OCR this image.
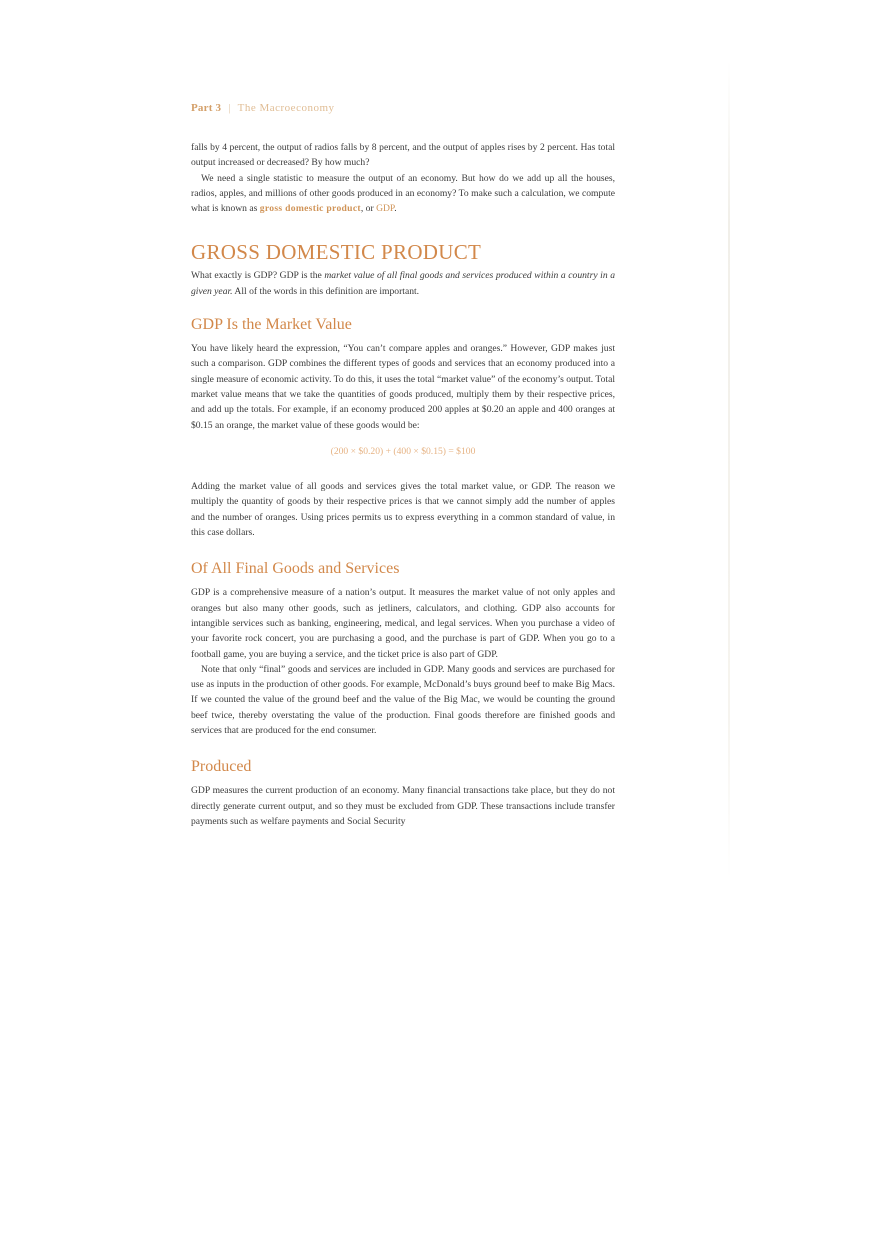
Part 3 | The Macroeconomy

falls by 4 percent, the output of radios falls by 8 percent, and the output of apples rises by 2 percent. Has total output increased or decreased? By how much?

We need a single statistic to measure the output of an economy. But how do we add up all the houses, radios, apples, and millions of other goods produced in an economy? To make such a calculation, we compute what is known as gross domestic product, or GDP.

GROSS DOMESTIC PRODUCT

What exactly is GDP? GDP is the market value of all final goods and services produced within a country in a given year. All of the words in this definition are important.

GDP Is the Market Value

You have likely heard the expression, “You can’t compare apples and oranges.” However, GDP makes just such a comparison. GDP combines the different types of goods and services that an economy produced into a single measure of economic activity. To do this, it uses the total “market value” of the economy’s output. Total market value means that we take the quantities of goods produced, multiply them by their respective prices, and add up the totals. For example, if an economy produced 200 apples at $0.20 an apple and 400 oranges at $0.15 an orange, the market value of these goods would be:

(200 × $0.20) + (400 × $0.15) = $100

Adding the market value of all goods and services gives the total market value, or GDP. The reason we multiply the quantity of goods by their respective prices is that we cannot simply add the number of apples and the number of oranges. Using prices permits us to express everything in a common standard of value, in this case dollars.

Of All Final Goods and Services

GDP is a comprehensive measure of a nation’s output. It measures the market value of not only apples and oranges but also many other goods, such as jetliners, calculators, and clothing. GDP also accounts for intangible services such as banking, engineering, medical, and legal services. When you purchase a video of your favorite rock concert, you are purchasing a good, and the purchase is part of GDP. When you go to a football game, you are buying a service, and the ticket price is also part of GDP.

Note that only “final” goods and services are included in GDP. Many goods and services are purchased for use as inputs in the production of other goods. For example, McDonald’s buys ground beef to make Big Macs. If we counted the value of the ground beef and the value of the Big Mac, we would be counting the ground beef twice, thereby overstating the value of the production. Final goods therefore are finished goods and services that are produced for the end consumer.

Produced

GDP measures the current production of an economy. Many financial transactions take place, but they do not directly generate current output, and so they must be excluded from GDP. These transactions include transfer payments such as welfare payments and Social Security
